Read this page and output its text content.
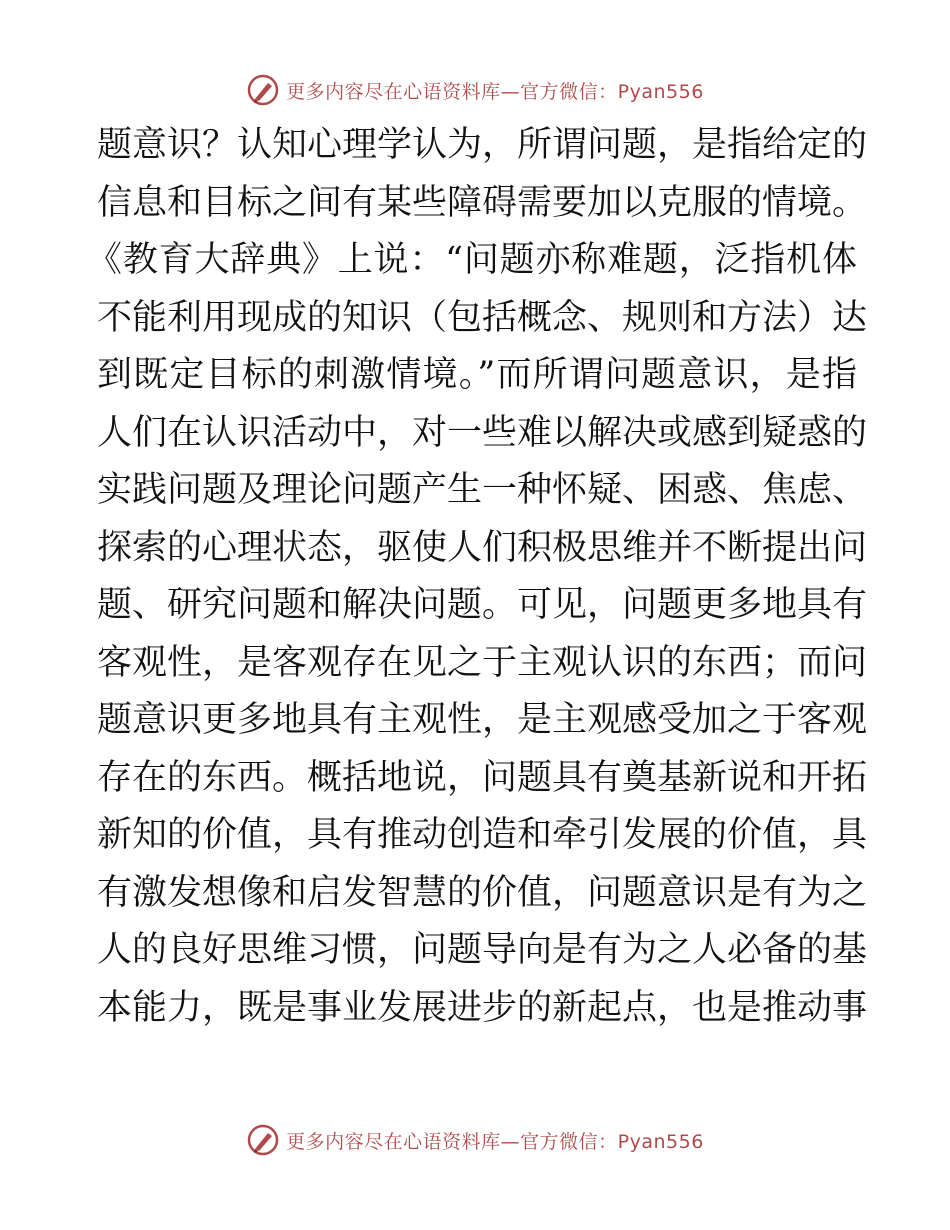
更多内容尽在心语资料库—官方微信：Pyan556
题意识？认知心理学认为，所谓问题，是指给定的
信息和目标之间有某些障碍需要加以克服的情境。
《教育大辞典》上说：“问题亦称难题，泛指机体
不能利用现成的知识（包括概念、规则和方法）达
到既定目标的刺激情境。”而所谓问题意识，是指
人们在认识活动中，对一些难以解决或感到疑惑的
实践问题及理论问题产生一种怀疑、困惑、焦虑、
探索的心理状态，驱使人们积极思维并不断提出问
题、研究问题和解决问题。可见，问题更多地具有
客观性，是客观存在见之于主观认识的东西；而问
题意识更多地具有主观性，是主观感受加之于客观
存在的东西。概括地说，问题具有奠基新说和开拓
新知的价值，具有推动创造和牵引发展的价值，具
有激发想像和启发智慧的价值，问题意识是有为之
人的良好思维习惯，问题导向是有为之人必备的基
本能力，既是事业发展进步的新起点，也是推动事
更多内容尽在心语资料库—官方微信：Pyan556
